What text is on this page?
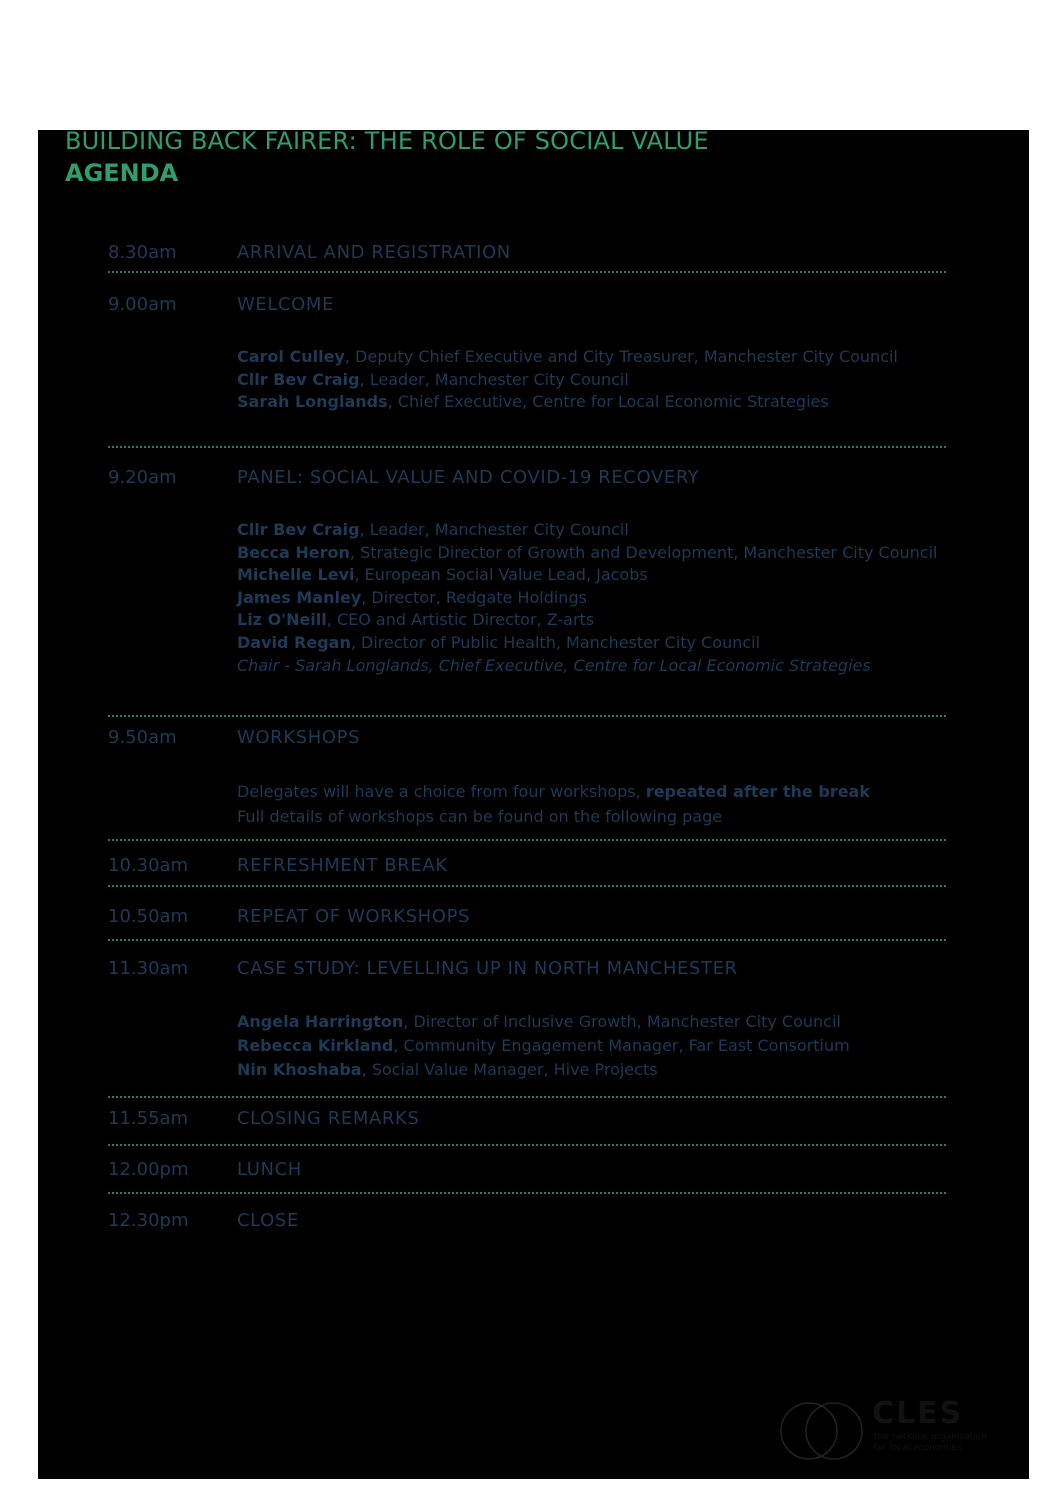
BUILDING BACK FAIRER: THE ROLE OF SOCIAL VALUE
AGENDA
8.30am	ARRIVAL AND REGISTRATION
9.00am	WELCOME
Carol Culley, Deputy Chief Executive and City Treasurer, Manchester City Council
Cllr Bev Craig, Leader, Manchester City Council
Sarah Longlands, Chief Executive, Centre for Local Economic Strategies
9.20am	PANEL: SOCIAL VALUE AND COVID-19 RECOVERY
Cllr Bev Craig, Leader, Manchester City Council
Becca Heron, Strategic Director of Growth and Development, Manchester City Council
Michelle Levi, European Social Value Lead, Jacobs
James Manley, Director, Redgate Holdings
Liz O'Neill, CEO and Artistic Director, Z-arts
David Regan, Director of Public Health, Manchester City Council
Chair - Sarah Longlands, Chief Executive, Centre for Local Economic Strategies
9.50am	WORKSHOPS
Delegates will have a choice from four workshops, repeated after the break
Full details of workshops can be found on the following page
10.30am	REFRESHMENT BREAK
10.50am	REPEAT OF WORKSHOPS
11.30am	CASE STUDY: LEVELLING UP IN NORTH MANCHESTER
Angela Harrington, Director of Inclusive Growth, Manchester City Council
Rebecca Kirkland, Community Engagement Manager, Far East Consortium
Nin Khoshaba, Social Value Manager, Hive Projects
11.55am	CLOSING REMARKS
12.00pm	LUNCH
12.30pm	CLOSE
CLES
the national organisation
for local economies
